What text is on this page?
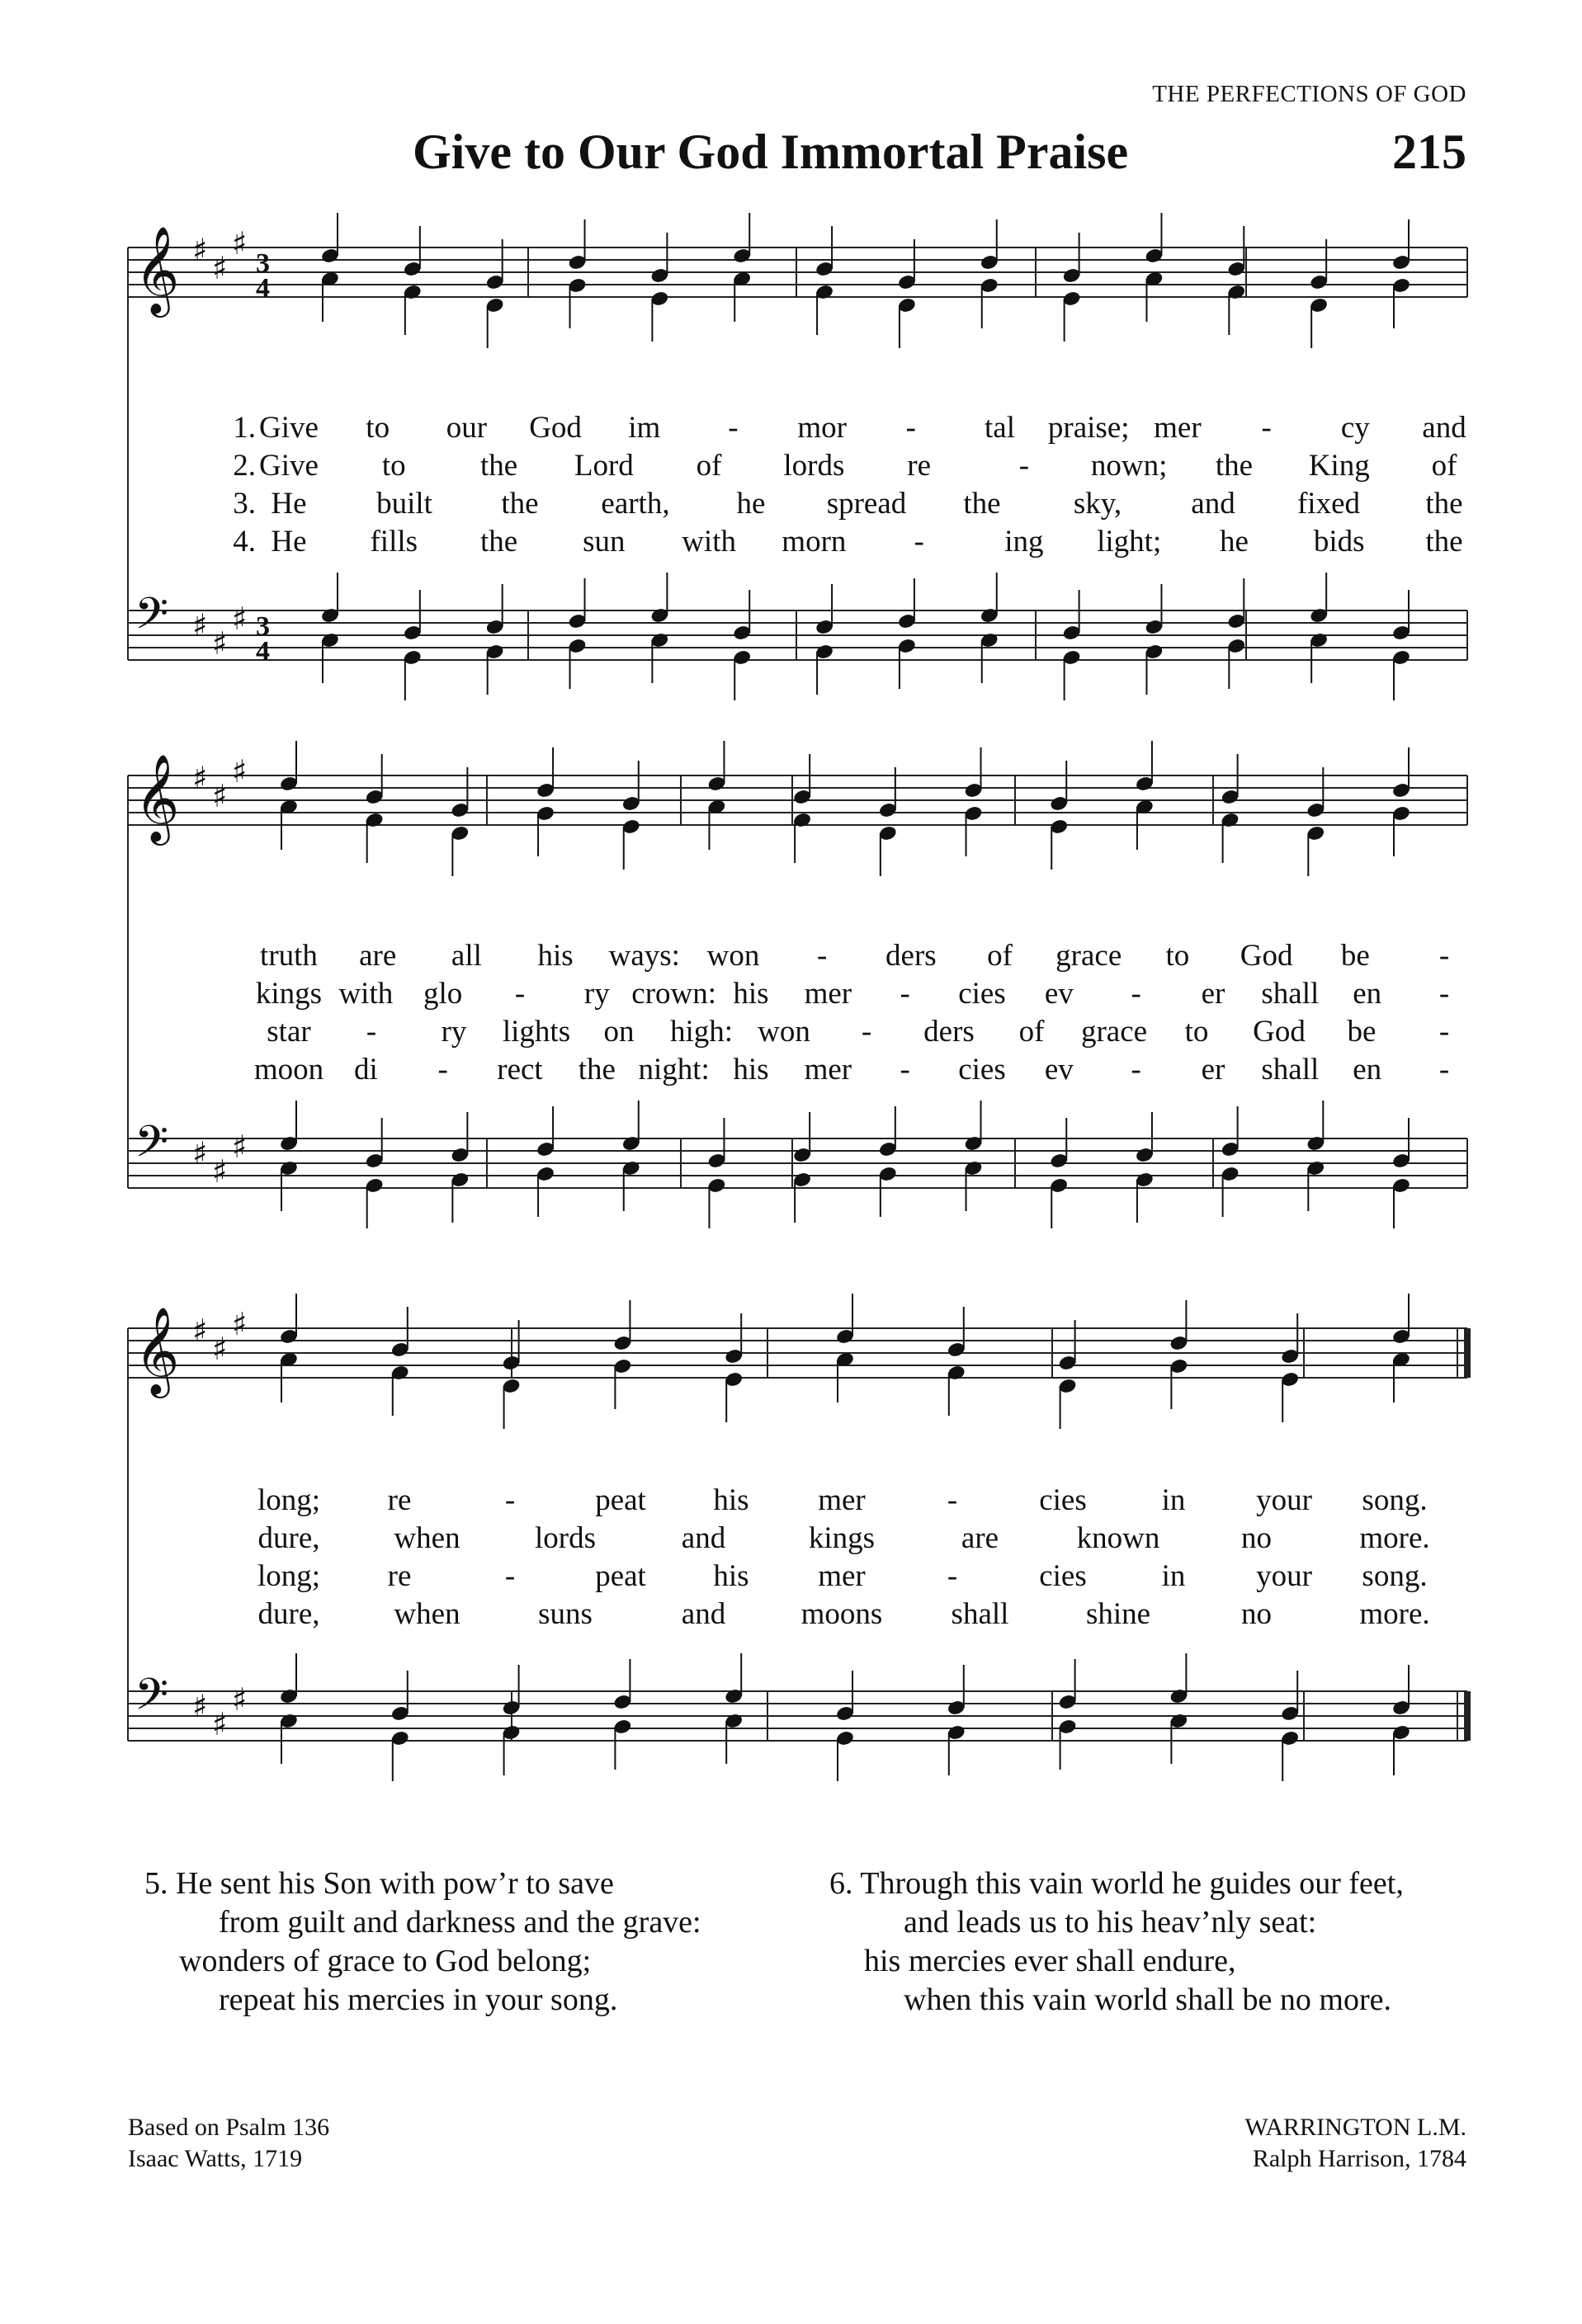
THE PERFECTIONS OF GOD
Give to Our God Immortal Praise	215
𝄞 ♯ ♯
♯
3
4
𝄢 ♯ ♯
♯ 3
4
1.
2.
3.
4.
Give to our God im - mor - tal praise; mer - cy and
Give to the Lord of lords re	- nown; the King of
He built the earth, he spread the sky, and fixed the
He fills the sun with morn -	ing light; he bids the
𝄞 ♯ ♯
♯
𝄢 ♯ ♯
♯
truth are all his ways: won - ders of grace to God be -
kings with glo - ry crown: his mer - cies ev - er shall en -
star - ry lights on high: won - ders of grace to God be -
moon di - rect the night: his mer - cies ev - er shall en -
𝄞 ♯ ♯
♯
𝄢 ♯ ♯
♯
long; re	-	peat his mer	-	cies in your song.
dure, when lords	and	kings	are	known	no	more.
long; re	-	peat his mer	-	cies in your song.
dure, when	suns	and moons shall	shine	no	more.
5. He sent his Son with pow’r to save
from guilt and darkness and the grave:
wonders of grace to God belong;
repeat his mercies in your song.
6. Through this vain world he guides our feet,
and leads us to his heav’nly seat:
his mercies ever shall endure,
when this vain world shall be no more.
Based on Psalm 136
Isaac Watts, 1719
WARRINGTON L.M.
Ralph Harrison, 1784
